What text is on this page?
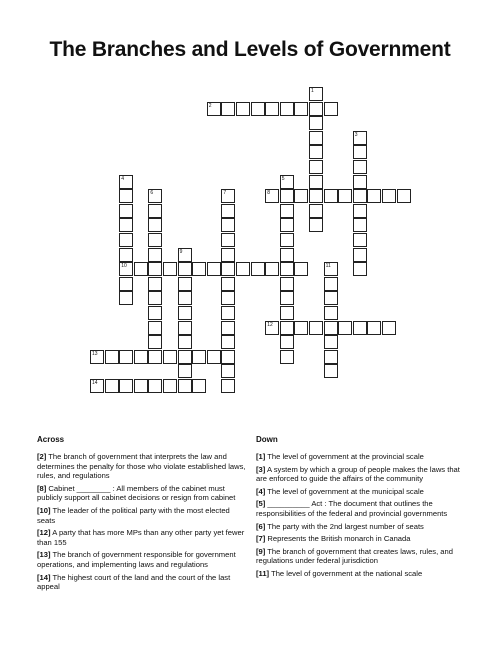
The Branches and Levels of Government
2
8
10
12
13
14
1
3
4	5
6	7
9
11
Across	Down
[2] The branch of government that interprets the law and determines the penalty for those who violate established laws, rules, and regulations
[8] Cabinet ________ : All members of the cabinet must publicly support all cabinet decisions or resign from cabinet
[10] The leader of the political party with the most elected seats
[12] A party that has more MPs than any other party yet fewer than 155
[13] The branch of government responsible for government operations, and implementing laws and regulations
[14] The highest court of the land and the court of the last appeal
[1] The level of government at the provincial scale
[3] A system by which a group of people makes the laws that are enforced to guide the affairs of the community
[4] The level of government at the municipal scale
[5] __________ Act : The document that outlines the responsibilities of the federal and provincial governments
[6] The party with the 2nd largest number of seats
[7] Represents the British monarch in Canada
[9] The branch of government that creates laws, rules, and regulations under federal jurisdiction
[11] The level of government at the national scale
